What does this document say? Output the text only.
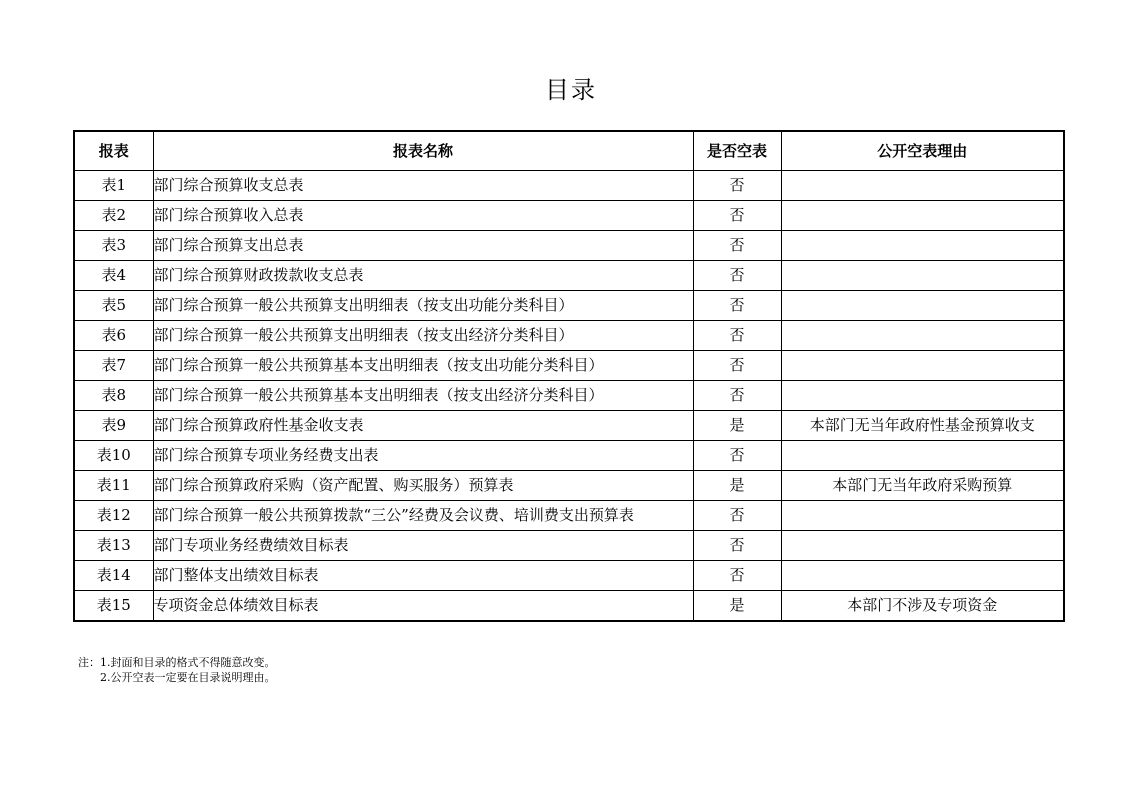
目录
报表	报表名称	是否空表	公开空表理由
表1	部门综合预算收支总表	否	
表2	部门综合预算收入总表	否	
表3	部门综合预算支出总表	否	
表4	部门综合预算财政拨款收支总表	否	
表5	部门综合预算一般公共预算支出明细表（按支出功能分类科目）	否	
表6	部门综合预算一般公共预算支出明细表（按支出经济分类科目）	否	
表7	部门综合预算一般公共预算基本支出明细表（按支出功能分类科目）	否	
表8	部门综合预算一般公共预算基本支出明细表（按支出经济分类科目）	否	
表9	部门综合预算政府性基金收支表	是	本部门无当年政府性基金预算收支
表10	部门综合预算专项业务经费支出表	否	
表11	部门综合预算政府采购（资产配置、购买服务）预算表	是	本部门无当年政府采购预算
表12	部门综合预算一般公共预算拨款“三公”经费及会议费、培训费支出预算表	否	
表13	部门专项业务经费绩效目标表	否	
表14	部门整体支出绩效目标表	否	
表15	专项资金总体绩效目标表	是	本部门不涉及专项资金
注：1.封面和目录的格式不得随意改变。
2.公开空表一定要在目录说明理由。
